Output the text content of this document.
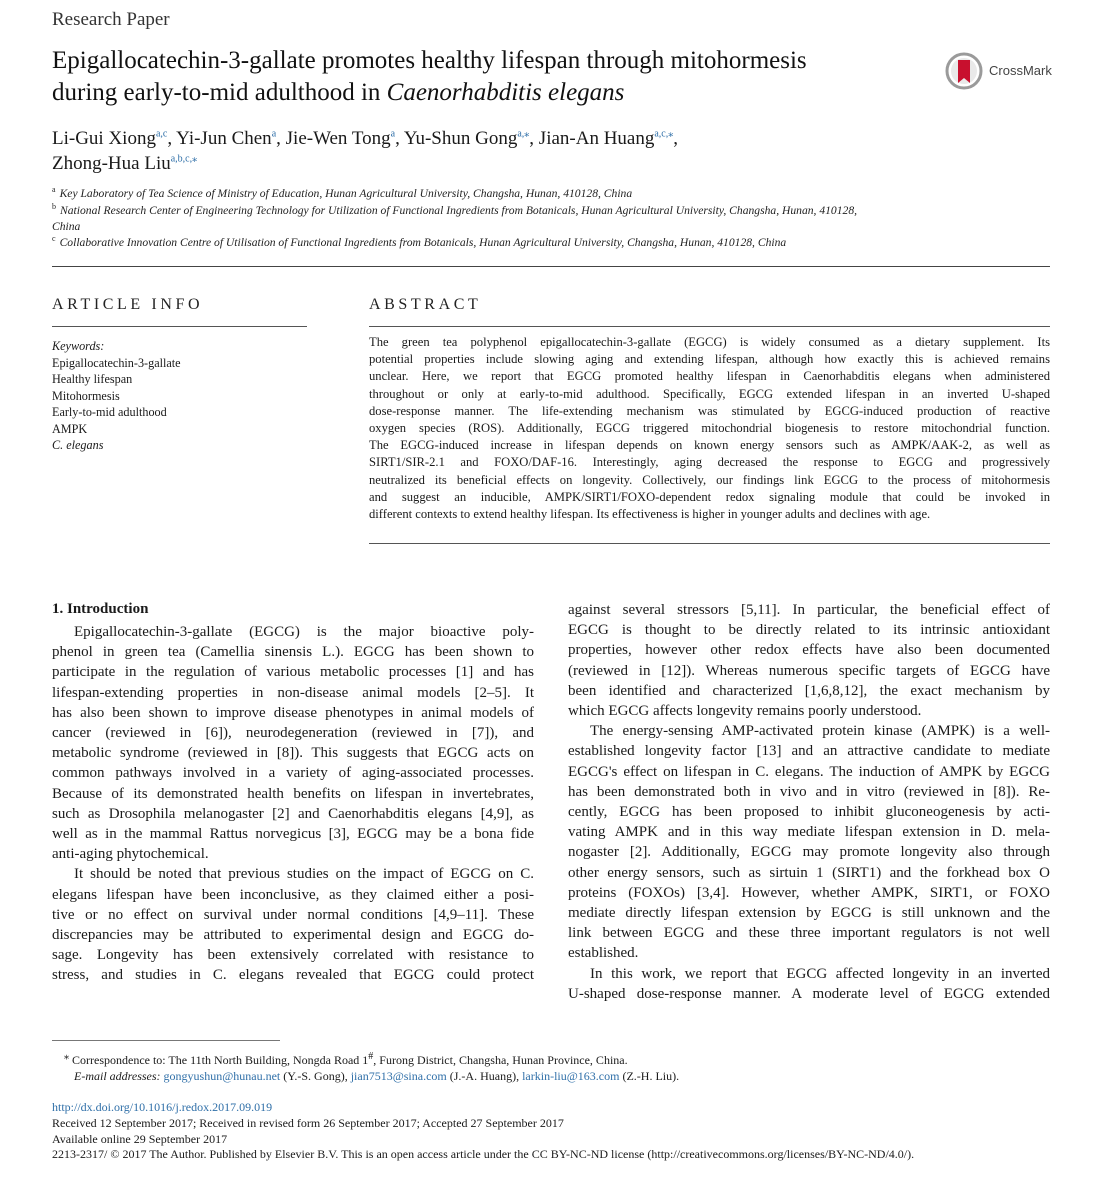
Research Paper
Epigallocatechin-3-gallate promotes healthy lifespan through mitohormesis
during early-to-mid adulthood in Caenorhabditis elegans
CrossMark
Li-Gui Xiong$^{a,c}$, Yi-Jun Chen$^a$, Jie-Wen Tong$^a$, Yu-Shun Gong$^{a,⁎}$, Jian-An Huang$^{a,c,⁎}$,
Zhong-Hua Liu$^{a,b,c,⁎}$
$^a$ Key Laboratory of Tea Science of Ministry of Education, Hunan Agricultural University, Changsha, Hunan, 410128, China
$^b$ National Research Center of Engineering Technology for Utilization of Functional Ingredients from Botanicals, Hunan Agricultural University, Changsha, Hunan, 410128,
China
$^c$ Collaborative Innovation Centre of Utilisation of Functional Ingredients from Botanicals, Hunan Agricultural University, Changsha, Hunan, 410128, China
ARTICLE INFO	ABSTRACT
Keywords:
Epigallocatechin-3-gallate
Healthy lifespan
Mitohormesis
Early-to-mid adulthood
AMPK
C. elegans
The green tea polyphenol epigallocatechin-3-gallate (EGCG) is widely consumed as a dietary supplement. Its
potential properties include slowing aging and extending lifespan, although how exactly this is achieved remains
unclear. Here, we report that EGCG promoted healthy lifespan in Caenorhabditis elegans when administered
throughout or only at early-to-mid adulthood. Specifically, EGCG extended lifespan in an inverted U-shaped
dose-response manner. The life-extending mechanism was stimulated by EGCG-induced production of reactive
oxygen species (ROS). Additionally, EGCG triggered mitochondrial biogenesis to restore mitochondrial function.
The EGCG-induced increase in lifespan depends on known energy sensors such as AMPK/AAK-2, as well as
SIRT1/SIR-2.1 and FOXO/DAF-16. Interestingly, aging decreased the response to EGCG and progressively
neutralized its beneficial effects on longevity. Collectively, our findings link EGCG to the process of mitohormesis
and suggest an inducible, AMPK/SIRT1/FOXO-dependent redox signaling module that could be invoked in
different contexts to extend healthy lifespan. Its effectiveness is higher in younger adults and declines with age.
1. Introduction
Epigallocatechin-3-gallate (EGCG) is the major bioactive poly-
phenol in green tea (Camellia sinensis L.). EGCG has been shown to
participate in the regulation of various metabolic processes [1] and has
lifespan-extending properties in non-disease animal models [2–5]. It
has also been shown to improve disease phenotypes in animal models of
cancer (reviewed in [6]), neurodegeneration (reviewed in [7]), and
metabolic syndrome (reviewed in [8]). This suggests that EGCG acts on
common pathways involved in a variety of aging-associated processes.
Because of its demonstrated health benefits on lifespan in invertebrates,
such as Drosophila melanogaster [2] and Caenorhabditis elegans [4,9], as
well as in the mammal Rattus norvegicus [3], EGCG may be a bona fide
anti-aging phytochemical.
It should be noted that previous studies on the impact of EGCG on C.
elegans lifespan have been inconclusive, as they claimed either a posi-
tive or no effect on survival under normal conditions [4,9–11]. These
discrepancies may be attributed to experimental design and EGCG do-
sage. Longevity has been extensively correlated with resistance to
stress, and studies in C. elegans revealed that EGCG could protect
against several stressors [5,11]. In particular, the beneficial effect of
EGCG is thought to be directly related to its intrinsic antioxidant
properties, however other redox effects have also been documented
(reviewed in [12]). Whereas numerous specific targets of EGCG have
been identified and characterized [1,6,8,12], the exact mechanism by
which EGCG affects longevity remains poorly understood.
The energy-sensing AMP-activated protein kinase (AMPK) is a well-
established longevity factor [13] and an attractive candidate to mediate
EGCG's effect on lifespan in C. elegans. The induction of AMPK by EGCG
has been demonstrated both in vivo and in vitro (reviewed in [8]). Re-
cently, EGCG has been proposed to inhibit gluconeogenesis by acti-
vating AMPK and in this way mediate lifespan extension in D. mela-
nogaster [2]. Additionally, EGCG may promote longevity also through
other energy sensors, such as sirtuin 1 (SIRT1) and the forkhead box O
proteins (FOXOs) [3,4]. However, whether AMPK, SIRT1, or FOXO
mediate directly lifespan extension by EGCG is still unknown and the
link between EGCG and these three important regulators is not well
established.
In this work, we report that EGCG affected longevity in an inverted
U-shaped dose-response manner. A moderate level of EGCG extended
⁎ Correspondence to: The 11th North Building, Nongda Road 1#, Furong District, Changsha, Hunan Province, China.
E-mail addresses: gongyushun@hunau.net (Y.-S. Gong), jian7513@sina.com (J.-A. Huang), larkin-liu@163.com (Z.-H. Liu).
http://dx.doi.org/10.1016/j.redox.2017.09.019
Received 12 September 2017; Received in revised form 26 September 2017; Accepted 27 September 2017
Available online 29 September 2017
2213-2317/ © 2017 The Author. Published by Elsevier B.V. This is an open access article under the CC BY-NC-ND license (http://creativecommons.org/licenses/BY-NC-ND/4.0/).
